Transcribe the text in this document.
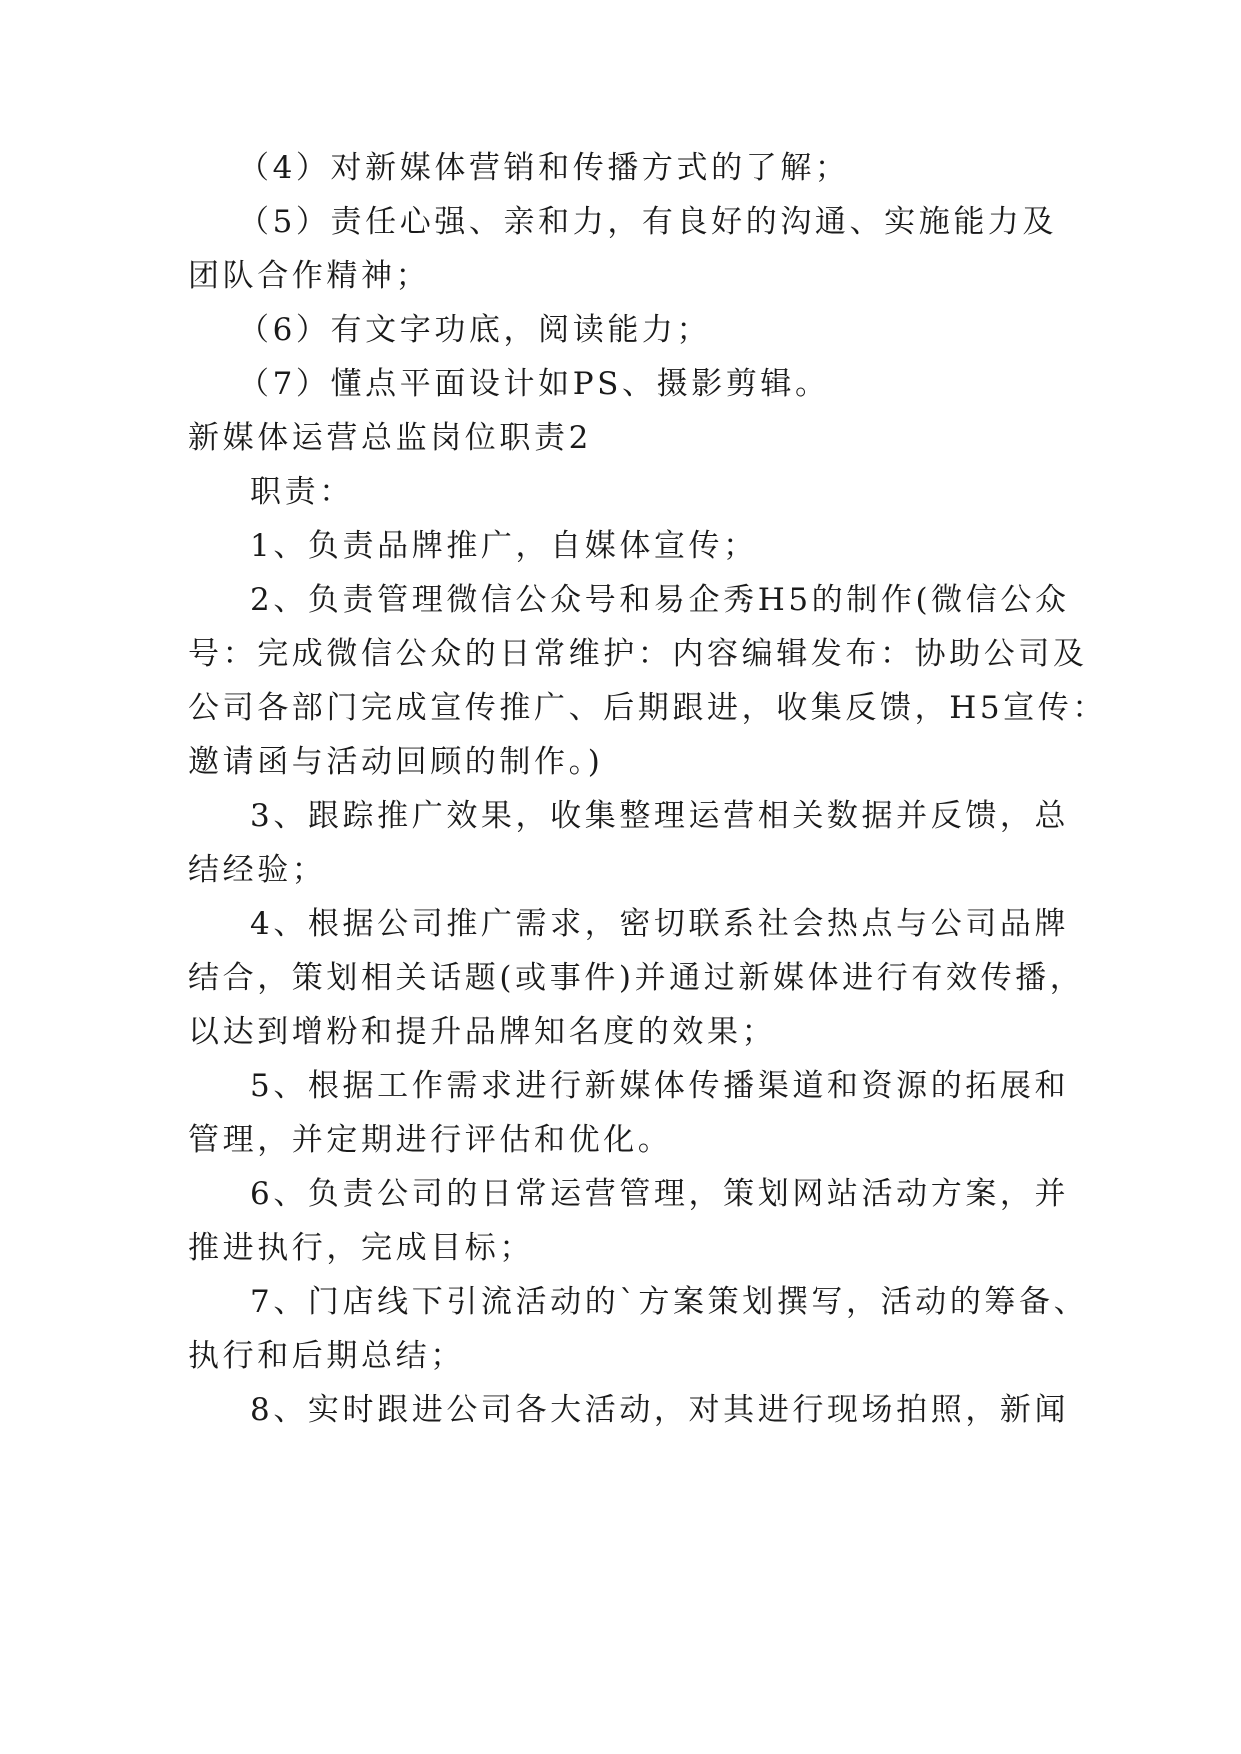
（4）对新媒体营销和传播方式的了解；
（5）责任心强、亲和力，有良好的沟通、实施能力及
团队合作精神；
（6）有文字功底，阅读能力；
（7）懂点平面设计如PS、摄影剪辑。
新媒体运营总监岗位职责2
职责：
1、负责品牌推广，自媒体宣传；
2、负责管理微信公众号和易企秀H5的制作(微信公众
号：完成微信公众的日常维护：内容编辑发布：协助公司及
公司各部门完成宣传推广、后期跟进，收集反馈，H5宣传：
邀请函与活动回顾的制作。)
3、跟踪推广效果，收集整理运营相关数据并反馈，总
结经验；
4、根据公司推广需求，密切联系社会热点与公司品牌
结合，策划相关话题(或事件)并通过新媒体进行有效传播，
以达到增粉和提升品牌知名度的效果；
5、根据工作需求进行新媒体传播渠道和资源的拓展和
管理，并定期进行评估和优化。
6、负责公司的日常运营管理，策划网站活动方案，并
推进执行，完成目标；
7、门店线下引流活动的`方案策划撰写，活动的筹备、
执行和后期总结；
8、实时跟进公司各大活动，对其进行现场拍照，新闻
